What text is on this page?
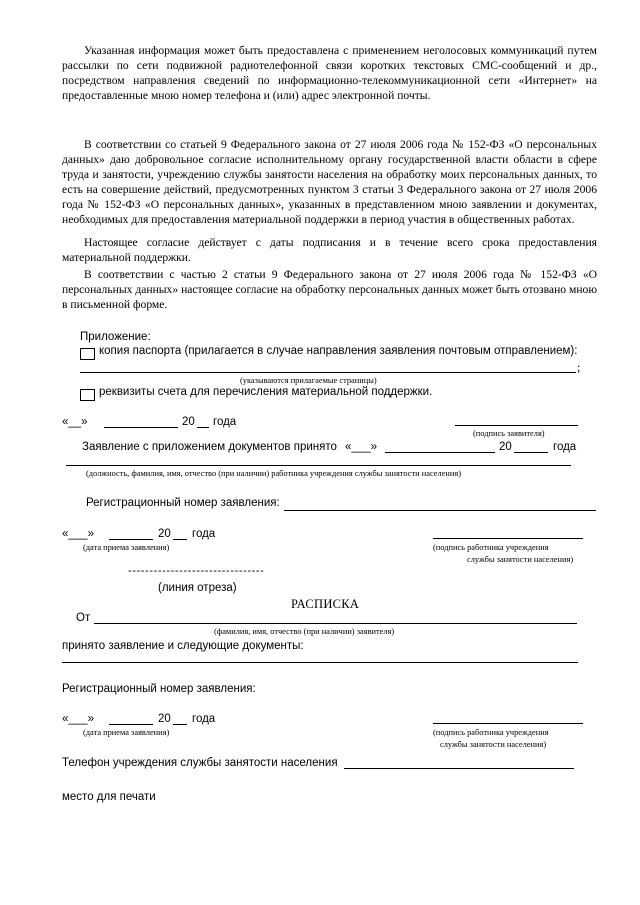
Указанная информация может быть предоставлена с применением неголосовых коммуникаций путем рассылки по сети подвижной радиотелефонной связи коротких текстовых СМС-сообщений и др., посредством направления сведений по информационно-телекоммуникационной сети «Интернет» на предоставленные мною номер телефона и (или) адрес электронной почты.

В соответствии со статьей 9 Федерального закона от 27 июля 2006 года № 152-ФЗ «О персональных данных» даю добровольное согласие исполнительному органу государственной власти области в сфере труда и занятости, учреждению службы занятости населения на обработку моих персональных данных, то есть на совершение действий, предусмотренных пунктом 3 статьи 3 Федерального закона от 27 июля 2006 года № 152-ФЗ «О персональных данных», указанных в представленном мною заявлении и документах, необходимых для предоставления материальной поддержки в период участия в общественных работах.

Настоящее согласие действует с даты подписания и в течение всего срока предоставления материальной поддержки.

В соответствии с частью 2 статьи 9 Федерального закона от 27 июля 2006 года № 152-ФЗ «О персональных данных» настоящее согласие на обработку персональных данных может быть отозвано мною в письменной форме.

Приложение:
копия паспорта (прилагается в случае направления заявления почтовым отправлением):
;
(указываются прилагаемые страницы)
реквизиты счета для перечисления материальной поддержки.
«__»	20 года
(подпись заявителя)
Заявление с приложением документов принято «___»	20	года
(должность, фамилия, имя, отчество (при наличии) работника учреждения службы занятости населения)
Регистрационный номер заявления:
«___»	20 года
(дата приема заявления)	(подпись работника учреждения
службы занятости населения)
--------------------------------
(линия отреза)
РАСПИСКА
От
(фамилия, имя, отчество (при наличии) заявителя)
принято заявление и следующие документы:
Регистрационный номер заявления:
«___»	20 года
(дата приема заявления)	(подпись работника учреждения
службы занятости населения)
Телефон учреждения службы занятости населения
место для печати
